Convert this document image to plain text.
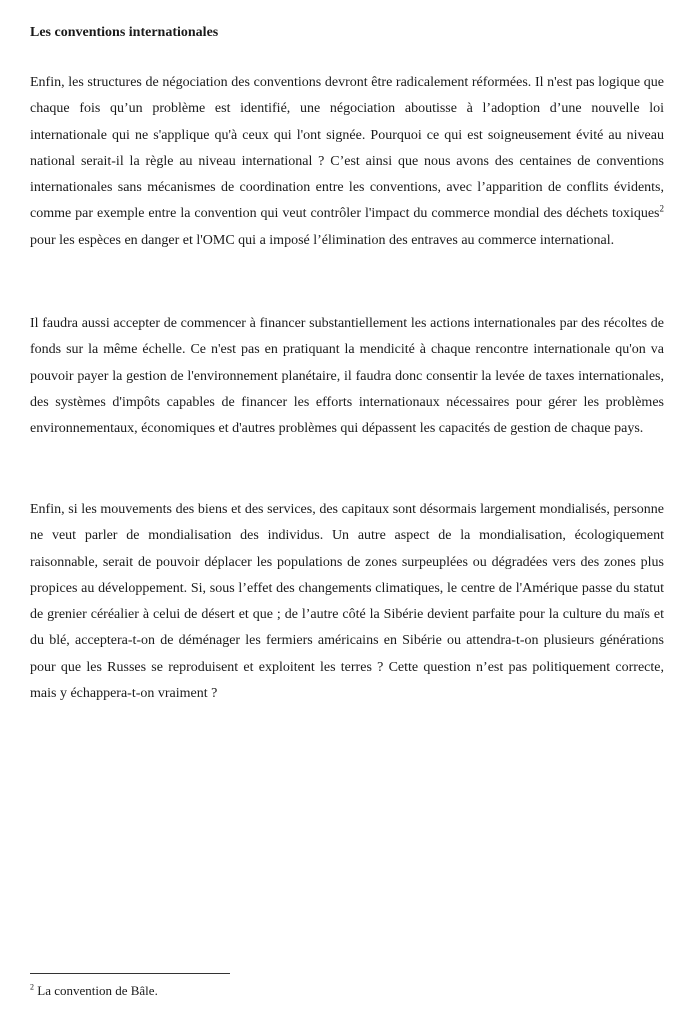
Les conventions internationales

Enfin, les structures de négociation des conventions devront être radicalement réformées. Il n'est pas logique que chaque fois qu’un problème est identifié, une négociation aboutisse à l’adoption d’une nouvelle loi internationale qui ne s'applique qu'à ceux qui l'ont signée. Pourquoi ce qui est soigneusement évité au niveau national serait-il la règle au niveau international ? C’est ainsi que nous avons des centaines de conventions internationales sans mécanismes de coordination entre les conventions, avec l’apparition de conflits évidents, comme par exemple entre la convention qui veut contrôler l'impact du commerce mondial des déchets toxiques$^2$ pour les espèces en danger et l'OMC qui a imposé l’élimination des entraves au commerce international.

Il faudra aussi accepter de commencer à financer substantiellement les actions internationales par des récoltes de fonds sur la même échelle. Ce n'est pas en pratiquant la mendicité à chaque rencontre internationale qu'on va pouvoir payer la gestion de l'environnement planétaire, il faudra donc consentir la levée de taxes internationales, des systèmes d'impôts capables de financer les efforts internationaux nécessaires pour gérer les problèmes environnementaux, économiques et d'autres problèmes qui dépassent les capacités de gestion de chaque pays.

Enfin, si les mouvements des biens et des services, des capitaux sont désormais largement mondialisés, personne ne veut parler de mondialisation des individus. Un autre aspect de la mondialisation, écologiquement raisonnable, serait de pouvoir déplacer les populations de zones surpeuplées ou dégradées vers des zones plus propices au développement. Si, sous l’effet des changements climatiques, le centre de l'Amérique passe du statut de grenier céréalier à celui de désert et que ; de l’autre côté la Sibérie devient parfaite pour la culture du maïs et du blé, acceptera-t-on de déménager les fermiers américains en Sibérie ou attendra-t-on plusieurs générations pour que les Russes se reproduisent et exploitent les terres ? Cette question n’est pas politiquement correcte, mais y échappera-t-on vraiment ?

$^2$ La convention de Bâle.
